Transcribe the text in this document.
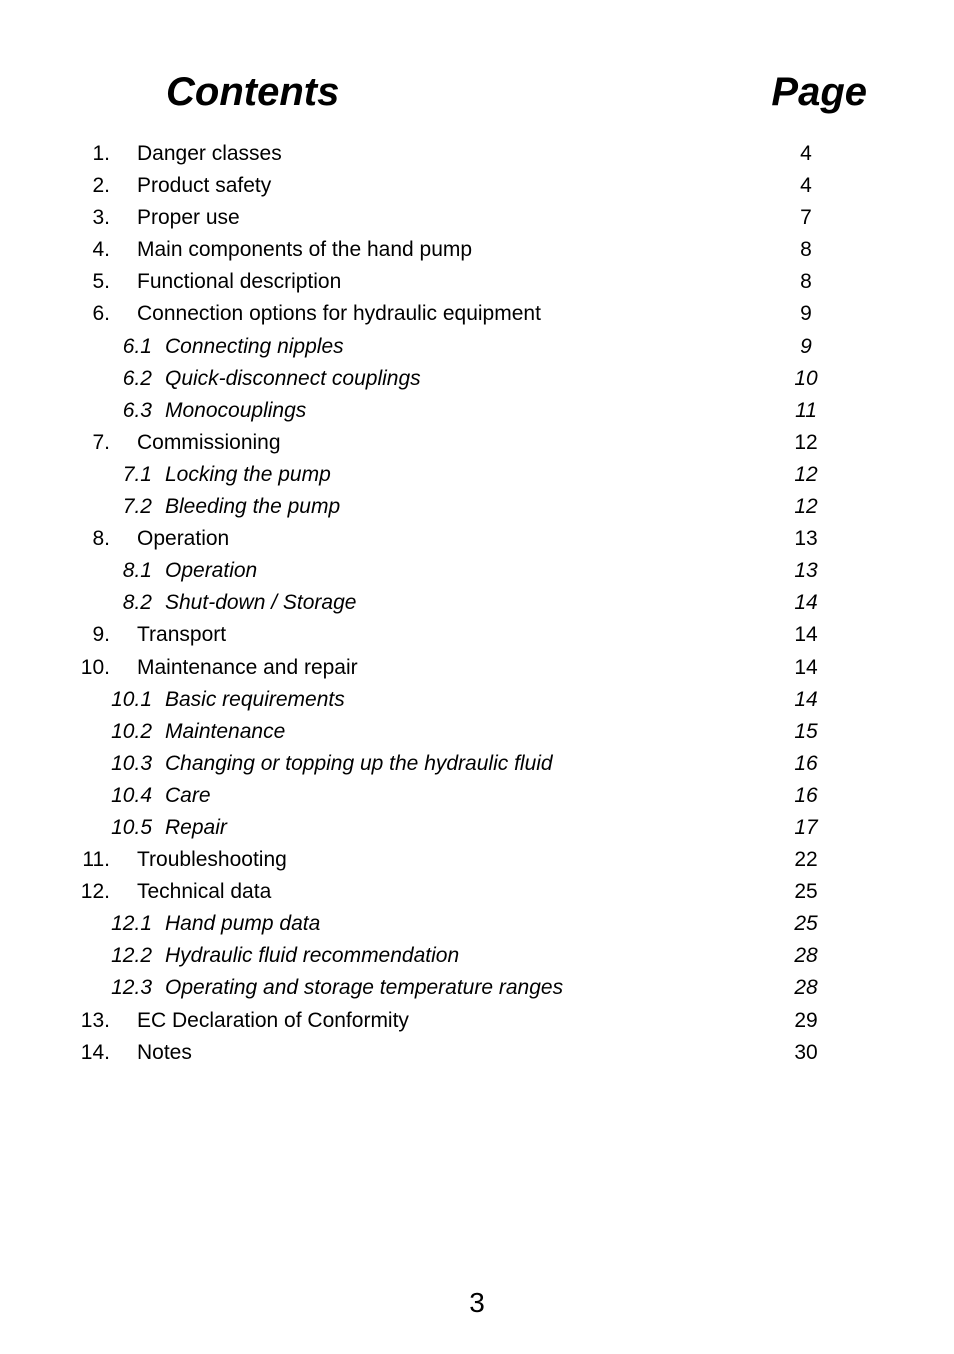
Contents	Page
1. Danger classes	4
2. Product safety	4
3. Proper use	7
4. Main components of the hand pump	8
5. Functional description	8
6. Connection options for hydraulic equipment	9
6.1 Connecting nipples	9
6.2 Quick-disconnect couplings	10
6.3 Monocouplings	11
7. Commissioning	12
7.1 Locking the pump	12
7.2 Bleeding the pump	12
8. Operation	13
8.1 Operation	13
8.2 Shut-down / Storage	14
9. Transport	14
10. Maintenance and repair	14
10.1 Basic requirements	14
10.2 Maintenance	15
10.3 Changing or topping up the hydraulic fluid	16
10.4 Care	16
10.5 Repair	17
11. Troubleshooting	22
12. Technical data	25
12.1 Hand pump data	25
12.2 Hydraulic fluid recommendation	28
12.3 Operating and storage temperature ranges	28
13. EC Declaration of Conformity	29
14. Notes	30
3
